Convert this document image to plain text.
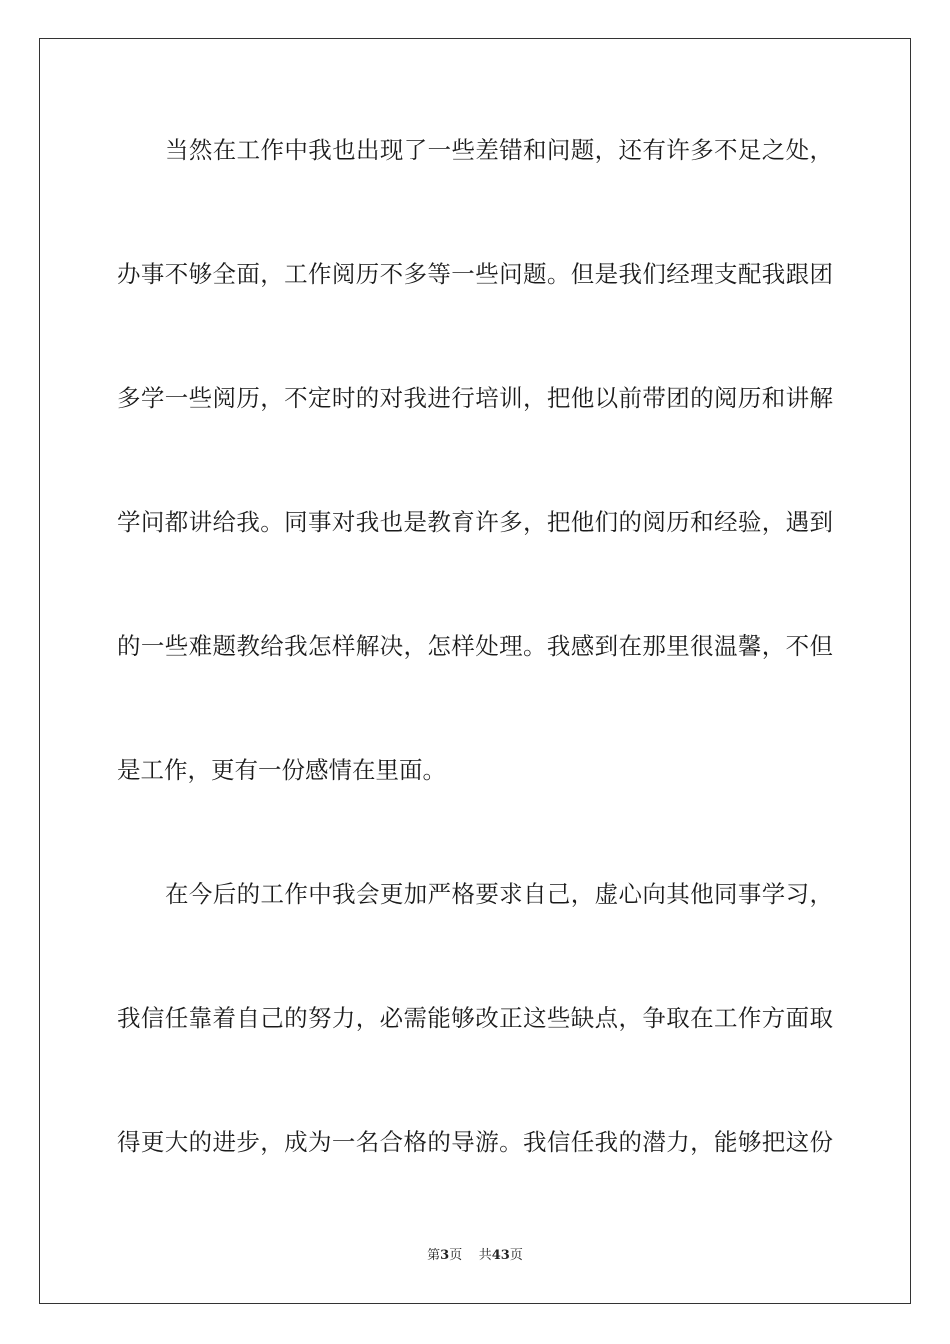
当然在工作中我也出现了一些差错和问题，还有许多不足之处，
办事不够全面，工作阅历不多等一些问题。但是我们经理支配我跟团
多学一些阅历，不定时的对我进行培训，把他以前带团的阅历和讲解
学问都讲给我。同事对我也是教育许多，把他们的阅历和经验，遇到
的一些难题教给我怎样解决，怎样处理。我感到在那里很温馨，不但
是工作，更有一份感情在里面。
在今后的工作中我会更加严格要求自己，虚心向其他同事学习，
我信任靠着自己的努力，必需能够改正这些缺点，争取在工作方面取
得更大的进步，成为一名合格的导游。我信任我的潜力，能够把这份
第3页 共43页
